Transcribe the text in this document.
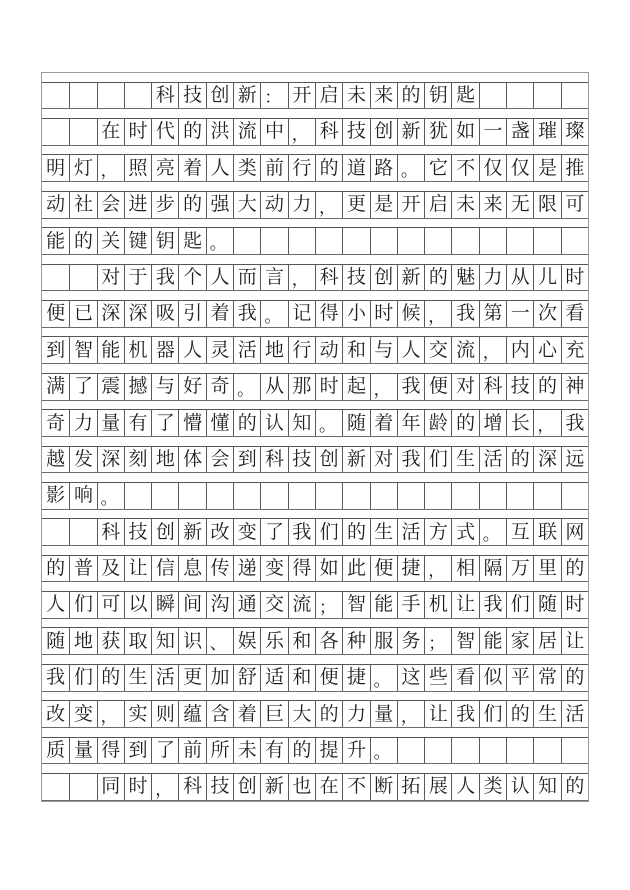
科 技 创 新 ： 开 启 未 来 的 钥 匙
在 时 代 的 洪 流 中 ， 科 技 创 新 犹 如 一 盏 璀 璨
明 灯 ， 照 亮 着 人 类 前 行 的 道 路 。 它 不 仅 仅 是 推
动 社 会 进 步 的 强 大 动 力 ， 更 是 开 启 未 来 无 限 可
能 的 关 键 钥 匙 。
对 于 我 个 人 而 言 ， 科 技 创 新 的 魅 力 从 儿 时
便 已 深 深 吸 引 着 我 。 记 得 小 时 候 ， 我 第 一 次 看
到 智 能 机 器 人 灵 活 地 行 动 和 与 人 交 流 ， 内 心 充
满 了 震 撼 与 好 奇 。 从 那 时 起 ， 我 便 对 科 技 的 神
奇 力 量 有 了 懵 懂 的 认 知 。 随 着 年 龄 的 增 长 ， 我
越 发 深 刻 地 体 会 到 科 技 创 新 对 我 们 生 活 的 深 远
影 响 。
科 技 创 新 改 变 了 我 们 的 生 活 方 式 。 互 联 网
的 普 及 让 信 息 传 递 变 得 如 此 便 捷 ， 相 隔 万 里 的
人 们 可 以 瞬 间 沟 通 交 流 ； 智 能 手 机 让 我 们 随 时
随 地 获 取 知 识 、 娱 乐 和 各 种 服 务 ； 智 能 家 居 让
我 们 的 生 活 更 加 舒 适 和 便 捷 。 这 些 看 似 平 常 的
改 变 ， 实 则 蕴 含 着 巨 大 的 力 量 ， 让 我 们 的 生 活
质 量 得 到 了 前 所 未 有 的 提 升 。
同 时 ， 科 技 创 新 也 在 不 断 拓 展 人 类 认 知 的
